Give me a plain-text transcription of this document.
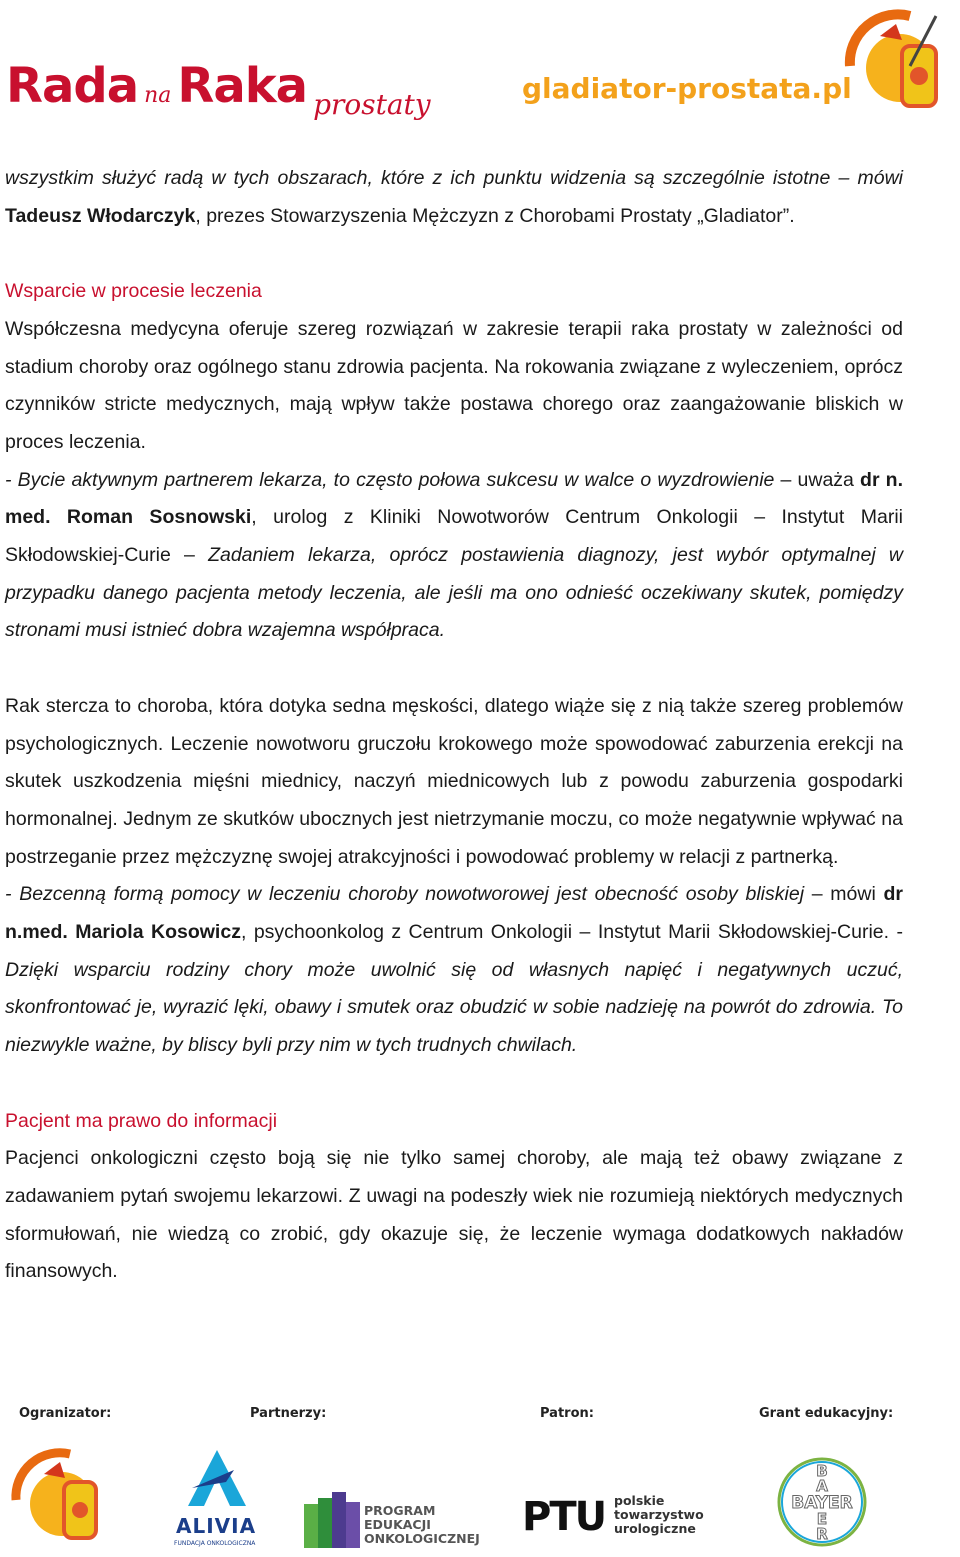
Rada na Raka prostaty	gladiator-prostata.pl

wszystkim służyć radą w tych obszarach, które z ich punktu widzenia są szczególnie istotne – mówi Tadeusz Włodarczyk, prezes Stowarzyszenia Mężczyzn z Chorobami Prostaty „Gladiator”.

Wsparcie w procesie leczenia

Współczesna medycyna oferuje szereg rozwiązań w zakresie terapii raka prostaty w zależności od stadium choroby oraz ogólnego stanu zdrowia pacjenta. Na rokowania związane z wyleczeniem, oprócz czynników stricte medycznych, mają wpływ także postawa chorego oraz zaangażowanie bliskich w proces leczenia.

- Bycie aktywnym partnerem lekarza, to często połowa sukcesu w walce o wyzdrowienie – uważa dr n. med. Roman Sosnowski, urolog z Kliniki Nowotworów Centrum Onkologii – Instytut Marii Skłodowskiej-Curie – Zadaniem lekarza, oprócz postawienia diagnozy, jest wybór optymalnej w przypadku danego pacjenta metody leczenia, ale jeśli ma ono odnieść oczekiwany skutek, pomiędzy stronami musi istnieć dobra wzajemna współpraca.

Rak stercza to choroba, która dotyka sedna męskości, dlatego wiąże się z nią także szereg problemów psychologicznych. Leczenie nowotworu gruczołu krokowego może spowodować zaburzenia erekcji na skutek uszkodzenia mięśni miednicy, naczyń miednicowych lub z powodu zaburzenia gospodarki hormonalnej. Jednym ze skutków ubocznych jest nietrzymanie moczu, co może negatywnie wpływać na postrzeganie przez mężczyznę swojej atrakcyjności i powodować problemy w relacji z partnerką.

- Bezcenną formą pomocy w leczeniu choroby nowotworowej jest obecność osoby bliskiej – mówi dr n.med. Mariola Kosowicz, psychoonkolog z Centrum Onkologii – Instytut Marii Skłodowskiej-Curie. - Dzięki wsparciu rodziny chory może uwolnić się od własnych napięć i negatywnych uczuć, skonfrontować je, wyrazić lęki, obawy i smutek oraz obudzić w sobie nadzieję na powrót do zdrowia. To niezwykle ważne, by bliscy byli przy nim w tych trudnych chwilach.

Pacjent ma prawo do informacji

Pacjenci onkologiczni często boją się nie tylko samej choroby, ale mają też obawy związane z zadawaniem pytań swojemu lekarzowi. Z uwagi na podeszły wiek nie rozumieją niektórych medycznych sformułowań, nie wiedzą co zrobić, gdy okazuje się, że leczenie wymaga dodatkowych nakładów finansowych.

Ogranizator:	Partnerzy:	Patron:	Grant edukacyjny:
ALIVIA
FUNDACJA ONKOLOGICZNA
PROGRAM
EDUKACJI
ONKOLOGICZNEJ PTU polskie
towarzystwo
urologiczne
BAYER
B
A
E
R
